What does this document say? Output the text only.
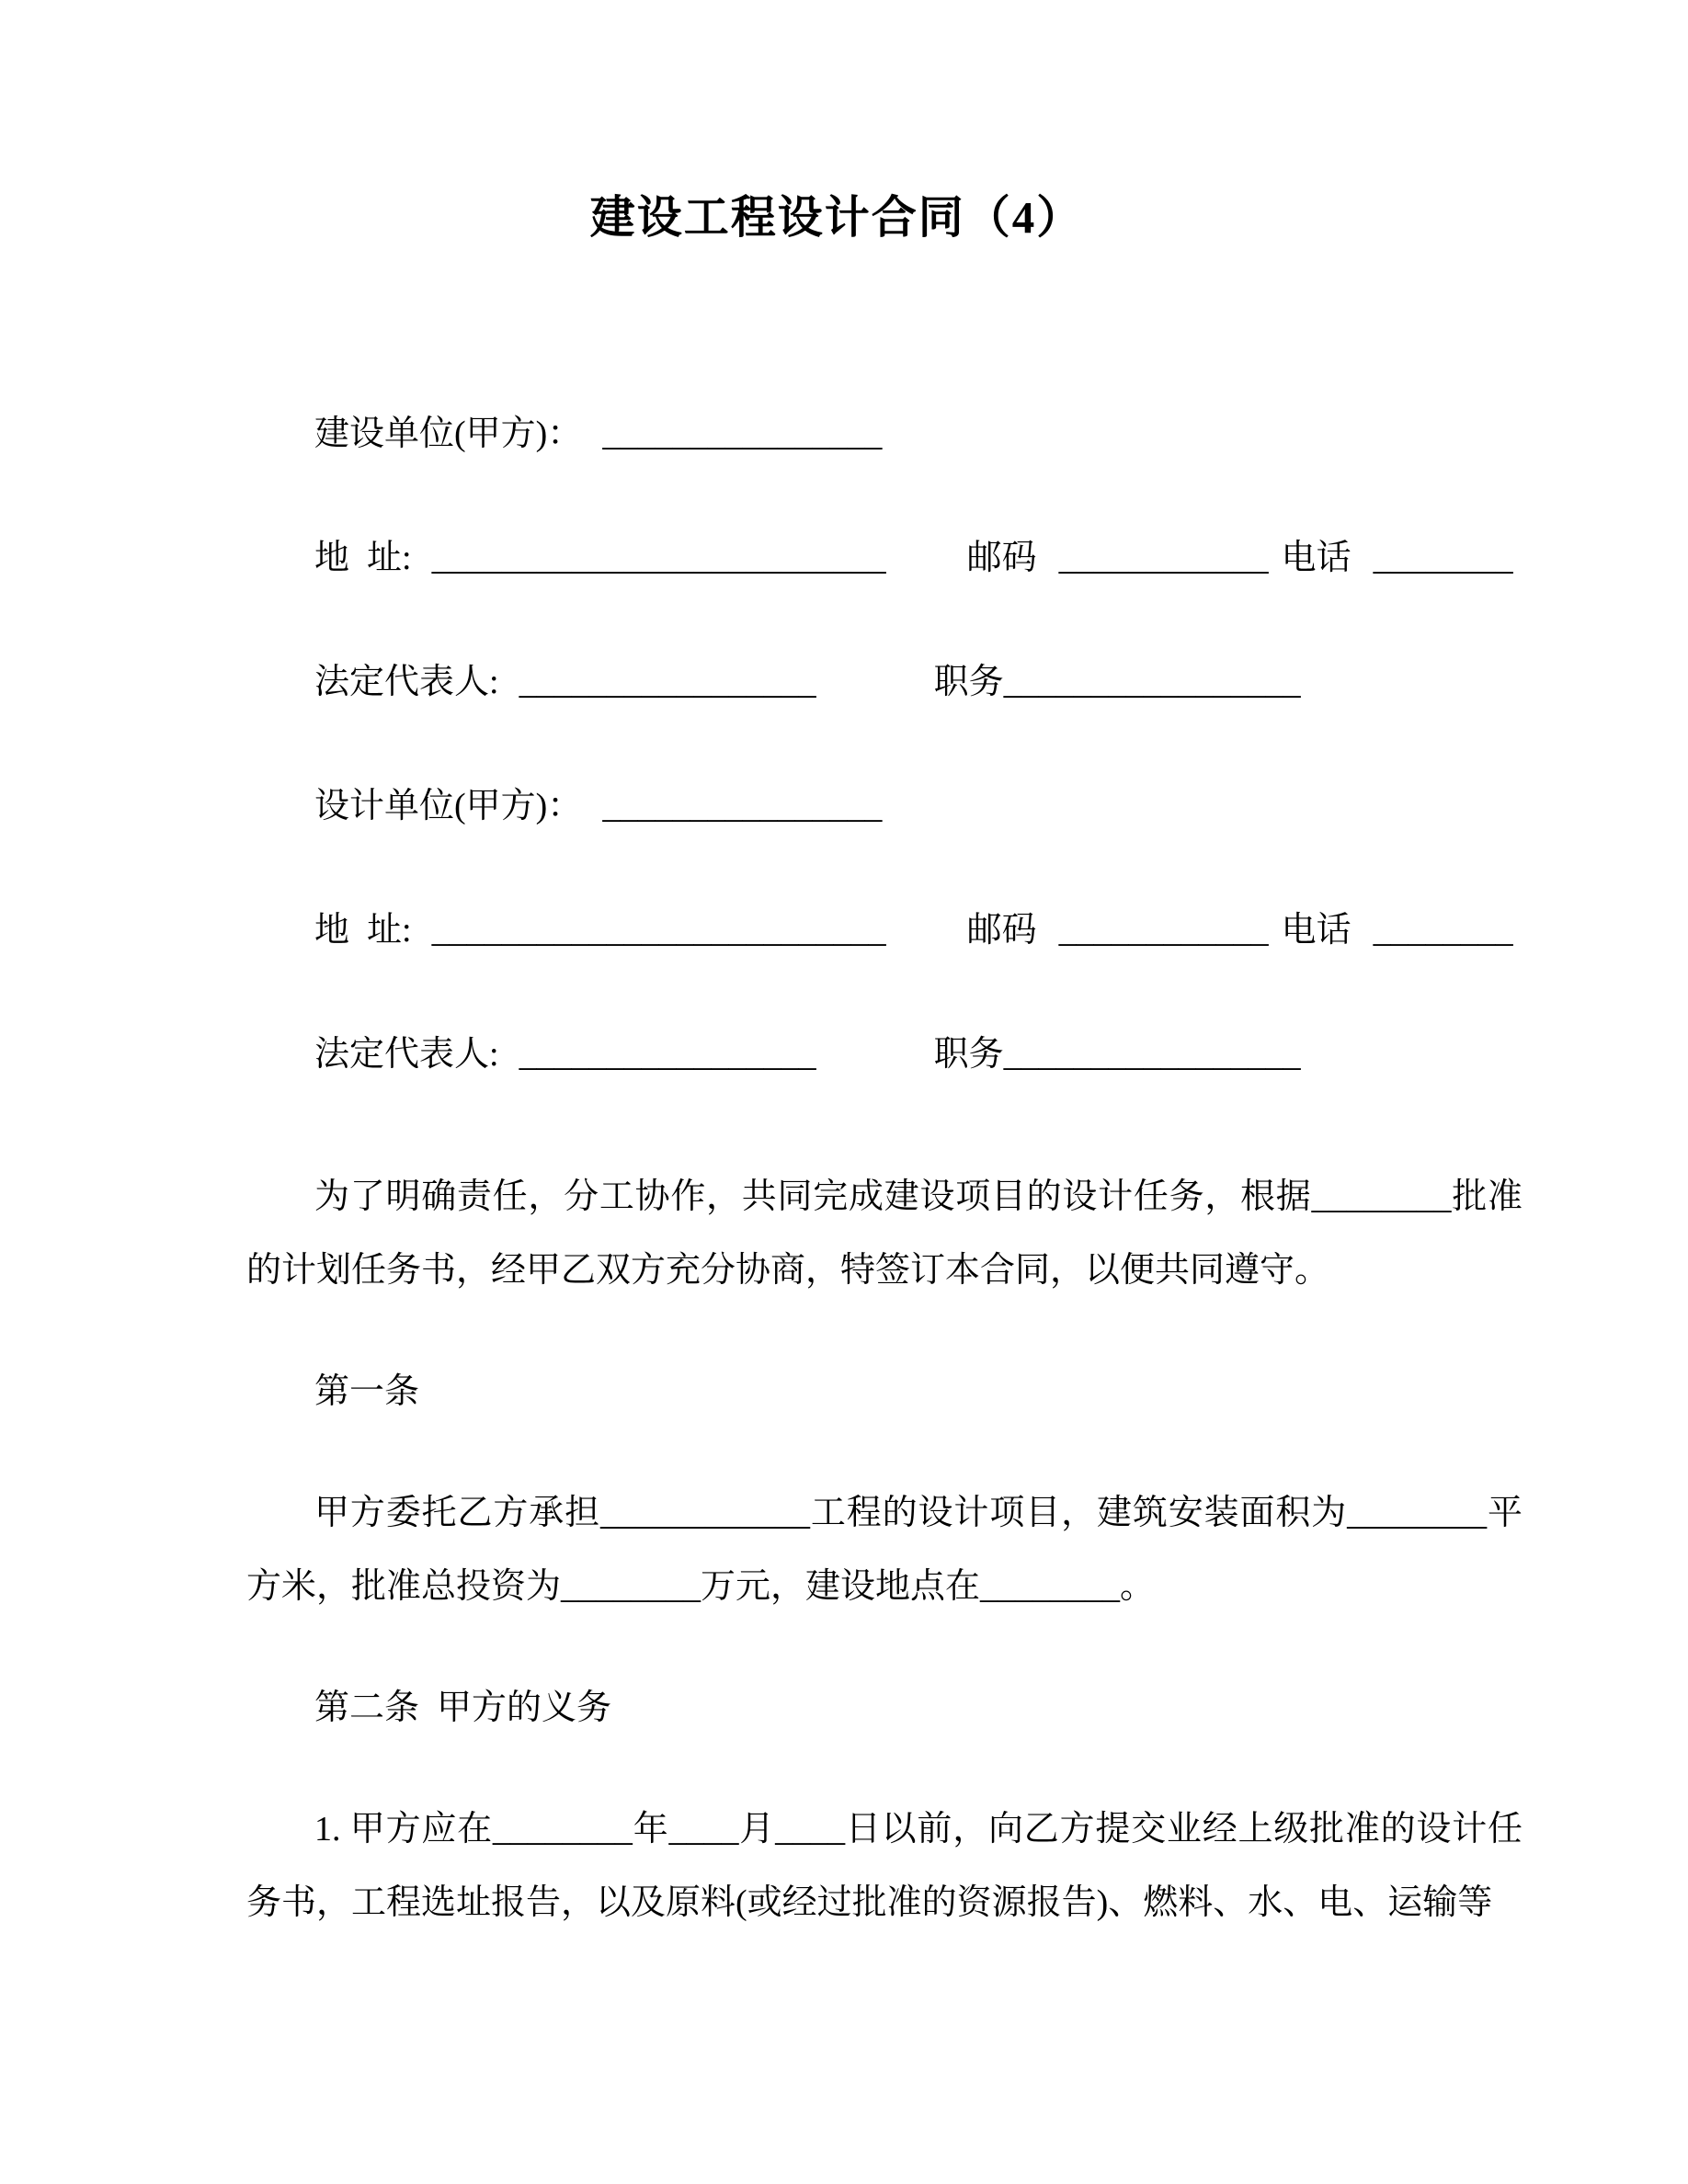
建设工程设计合同（4）
建设单位(甲方)： ________________
地 址: __________________________ 邮码 ____________ 电话 ________
法定代表人: _________________	职务_________________
设计单位(甲方)： ________________
地 址: __________________________ 邮码 ____________ 电话 ________
法定代表人: _________________	职务_________________
为了明确责任，分工协作，共同完成建设项目的设计任务，根据________批准
的计划任务书，经甲乙双方充分协商，特签订本合同，以便共同遵守。
第一条
甲方委托乙方承担____________工程的设计项目，建筑安装面积为________平
方米，批准总投资为________万元，建设地点在________。
第二条 甲方的义务
1. 甲方应在________年____月____日以前，向乙方提交业经上级批准的设计任
务书，工程选址报告，以及原料(或经过批准的资源报告)、燃料、水、电、运输等
